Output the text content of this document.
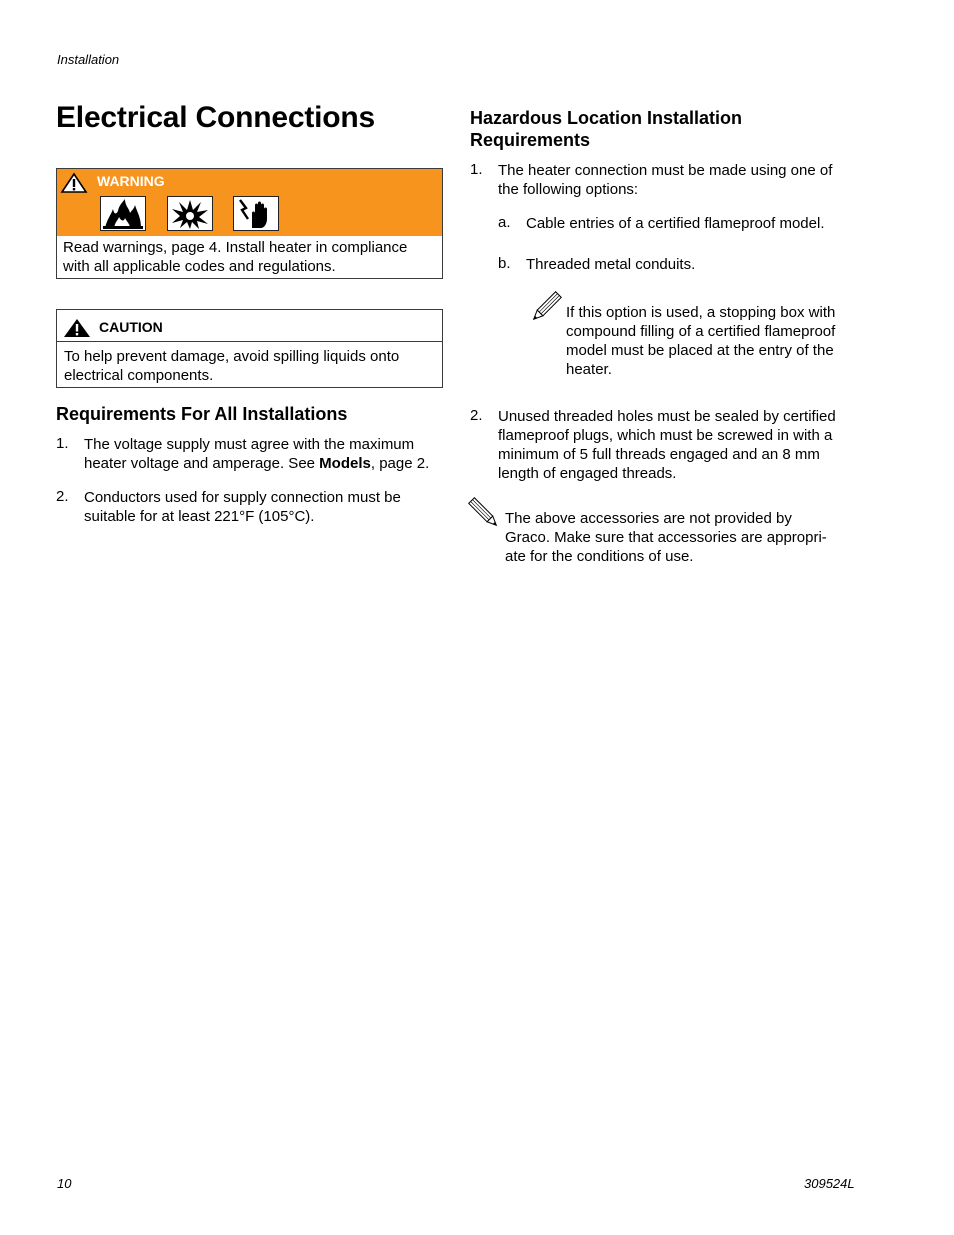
Installation
Electrical Connections
WARNING
Read warnings, page 4. Install heater in compliance
with all applicable codes and regulations.
CAUTION
To help prevent damage, avoid spilling liquids onto
electrical components.
Requirements For All Installations
1. The voltage supply must agree with the maximum
heater voltage and amperage. See Models, page 2.
2. Conductors used for supply connection must be
suitable for at least 221°F (105°C).
Hazardous Location Installation
Requirements
1. The heater connection must be made using one of
the following options:
a. Cable entries of a certified flameproof model.
b. Threaded metal conduits.
If this option is used, a stopping box with
compound filling of a certified flameproof
model must be placed at the entry of the
heater.
2. Unused threaded holes must be sealed by certified
flameproof plugs, which must be screwed in with a
minimum of 5 full threads engaged and an 8 mm
length of engaged threads.
The above accessories are not provided by
Graco. Make sure that accessories are appropri-
ate for the conditions of use.
10	309524L
